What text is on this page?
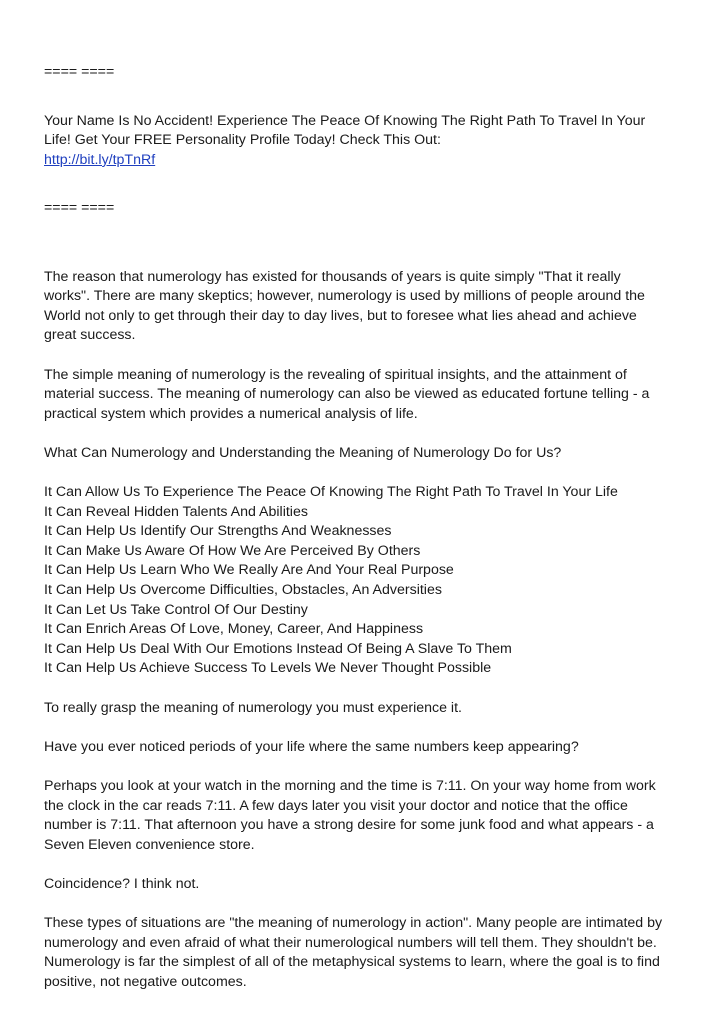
==== ====
Your Name Is No Accident! Experience The Peace Of Knowing The Right Path To Travel In Your
Life! Get Your FREE Personality Profile Today! Check This Out:
http://bit.ly/tpTnRf
==== ====
The reason that numerology has existed for thousands of years is quite simply "That it really
works". There are many skeptics; however, numerology is used by millions of people around the
World not only to get through their day to day lives, but to foresee what lies ahead and achieve
great success.
The simple meaning of numerology is the revealing of spiritual insights, and the attainment of
material success. The meaning of numerology can also be viewed as educated fortune telling - a
practical system which provides a numerical analysis of life.
What Can Numerology and Understanding the Meaning of Numerology Do for Us?
It Can Allow Us To Experience The Peace Of Knowing The Right Path To Travel In Your Life
It Can Reveal Hidden Talents And Abilities
It Can Help Us Identify Our Strengths And Weaknesses
It Can Make Us Aware Of How We Are Perceived By Others
It Can Help Us Learn Who We Really Are And Your Real Purpose
It Can Help Us Overcome Difficulties, Obstacles, An Adversities
It Can Let Us Take Control Of Our Destiny
It Can Enrich Areas Of Love, Money, Career, And Happiness
It Can Help Us Deal With Our Emotions Instead Of Being A Slave To Them
It Can Help Us Achieve Success To Levels We Never Thought Possible
To really grasp the meaning of numerology you must experience it.
Have you ever noticed periods of your life where the same numbers keep appearing?
Perhaps you look at your watch in the morning and the time is 7:11. On your way home from work
the clock in the car reads 7:11. A few days later you visit your doctor and notice that the office
number is 7:11. That afternoon you have a strong desire for some junk food and what appears - a
Seven Eleven convenience store.
Coincidence? I think not.
These types of situations are "the meaning of numerology in action". Many people are intimated by
numerology and even afraid of what their numerological numbers will tell them. They shouldn't be.
Numerology is far the simplest of all of the metaphysical systems to learn, where the goal is to find
positive, not negative outcomes.
